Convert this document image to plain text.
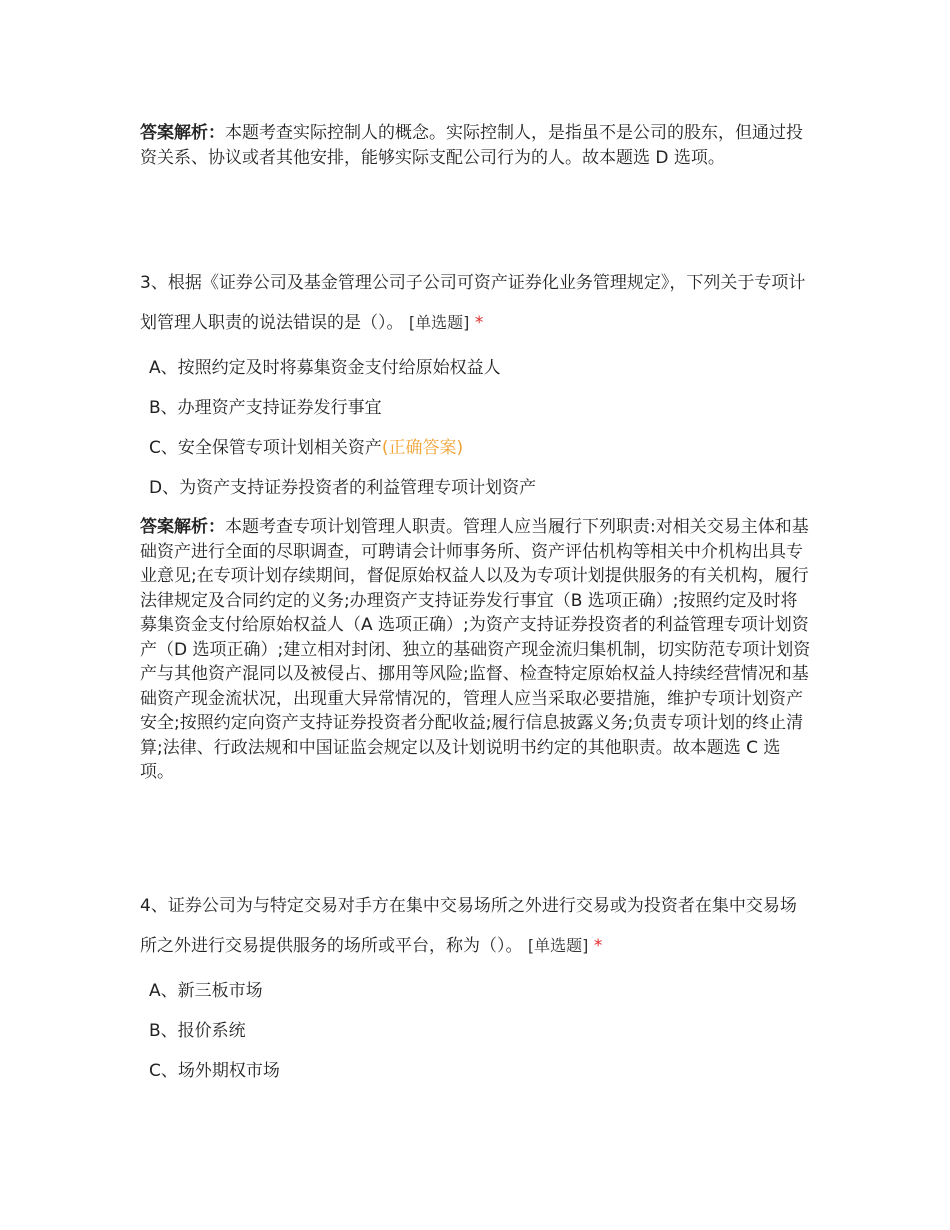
答案解析：本题考查实际控制人的概念。实际控制人，是指虽不是公司的股东，但通过投资关系、协议或者其他安排，能够实际支配公司行为的人。故本题选 D 选项。
3、根据《证券公司及基金管理公司子公司可资产证券化业务管理规定》，下列关于专项计划管理人职责的说法错误的是（）。 [单选题] *
A、按照约定及时将募集资金支付给原始权益人
B、办理资产支持证券发行事宜
C、安全保管专项计划相关资产(正确答案)
D、为资产支持证券投资者的利益管理专项计划资产
答案解析：本题考查专项计划管理人职责。管理人应当履行下列职责:对相关交易主体和基础资产进行全面的尽职调查，可聘请会计师事务所、资产评估机构等相关中介机构出具专业意见;在专项计划存续期间，督促原始权益人以及为专项计划提供服务的有关机构，履行法律规定及合同约定的义务;办理资产支持证券发行事宜（B 选项正确）;按照约定及时将募集资金支付给原始权益人（A 选项正确）;为资产支持证券投资者的利益管理专项计划资产（D 选项正确）;建立相对封闭、独立的基础资产现金流归集机制，切实防范专项计划资产与其他资产混同以及被侵占、挪用等风险;监督、检查特定原始权益人持续经营情况和基础资产现金流状况，出现重大异常情况的，管理人应当采取必要措施，维护专项计划资产安全;按照约定向资产支持证券投资者分配收益;履行信息披露义务;负责专项计划的终止清算;法律、行政法规和中国证监会规定以及计划说明书约定的其他职责。故本题选 C 选项。
4、证券公司为与特定交易对手方在集中交易场所之外进行交易或为投资者在集中交易场所之外进行交易提供服务的场所或平台，称为（）。 [单选题] *
A、新三板市场
B、报价系统
C、场外期权市场
